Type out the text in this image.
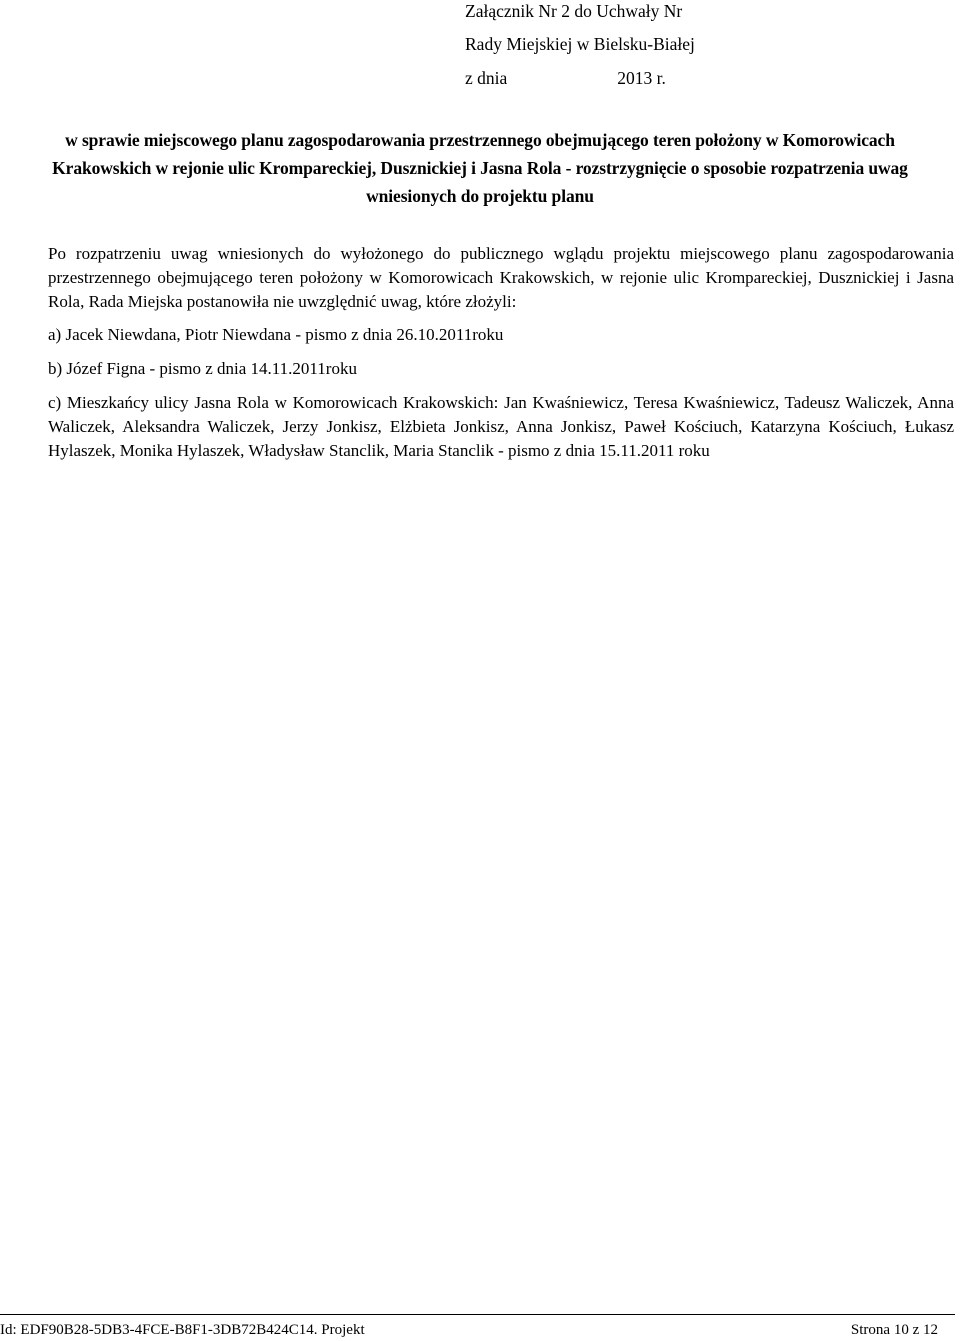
Załącznik Nr 2 do Uchwały Nr
Rady Miejskiej w Bielsku-Białej
z dnia	2013 r.
w sprawie miejscowego planu zagospodarowania przestrzennego obejmującego teren położony w Komorowicach Krakowskich w rejonie ulic Krompareckiej, Dusznickiej i Jasna Rola - rozstrzygnięcie o sposobie rozpatrzenia uwag wniesionych do projektu planu
Po rozpatrzeniu uwag wniesionych do wyłożonego do publicznego wglądu projektu miejscowego planu zagospodarowania przestrzennego obejmującego teren położony w Komorowicach Krakowskich, w rejonie ulic Krompareckiej, Dusznickiej i Jasna Rola, Rada Miejska postanowiła nie uwzględnić uwag, które złożyli:
a) Jacek Niewdana, Piotr Niewdana - pismo z dnia 26.10.2011roku
b) Józef Figna - pismo z dnia 14.11.2011roku
c) Mieszkańcy ulicy Jasna Rola w Komorowicach Krakowskich: Jan Kwaśniewicz, Teresa Kwaśniewicz, Tadeusz Waliczek, Anna Waliczek, Aleksandra Waliczek, Jerzy Jonkisz, Elżbieta Jonkisz, Anna Jonkisz, Paweł Kościuch, Katarzyna Kościuch, Łukasz Hylaszek, Monika Hylaszek, Władysław Stanclik, Maria Stanclik - pismo z dnia 15.11.2011 roku
Id: EDF90B28-5DB3-4FCE-B8F1-3DB72B424C14. Projekt	Strona 10 z 12
